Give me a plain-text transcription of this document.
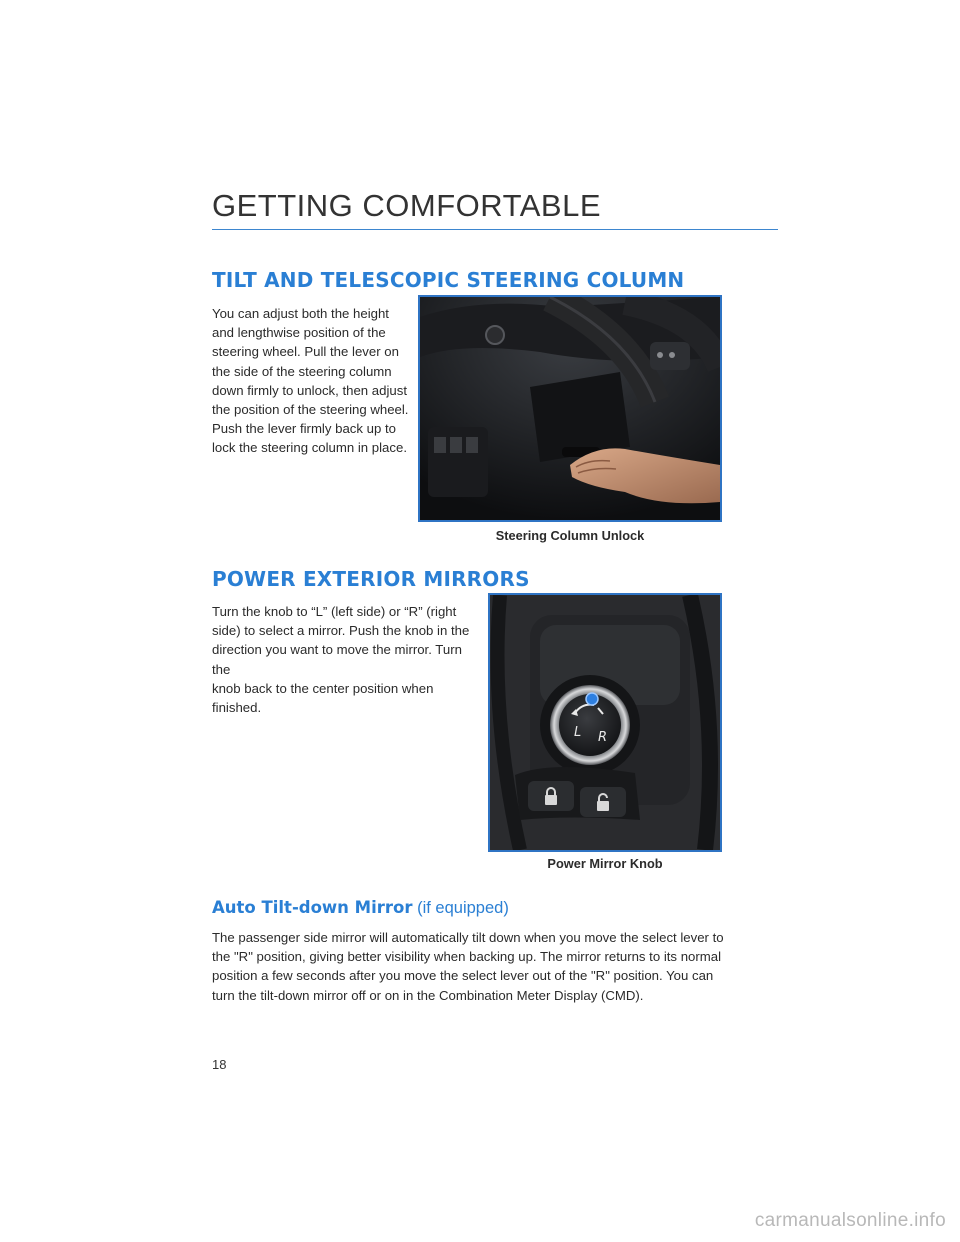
GETTING COMFORTABLE
TILT AND TELESCOPIC STEERING COLUMN
You can adjust both the height
and lengthwise position of the
steering wheel. Pull the lever on
the side of the steering column
down firmly to unlock, then adjust
the position of the steering wheel.
Push the lever firmly back up to
lock the steering column in place.

Steering Column Unlock

POWER EXTERIOR MIRRORS
Turn the knob to “L” (left side) or “R” (right
side) to select a mirror. Push the knob in the
direction you want to move the mirror. Turn the
knob back to the center position when
finished.
L R

Power Mirror Knob

Auto Tilt-down Mirror (if equipped)
The passenger side mirror will automatically tilt down when you move the select lever to
the "R" position, giving better visibility when backing up. The mirror returns to its normal
position a few seconds after you move the select lever out of the "R" position. You can
turn the tilt-down mirror off or on in the Combination Meter Display (CMD).

18

carmanualsonline.info
